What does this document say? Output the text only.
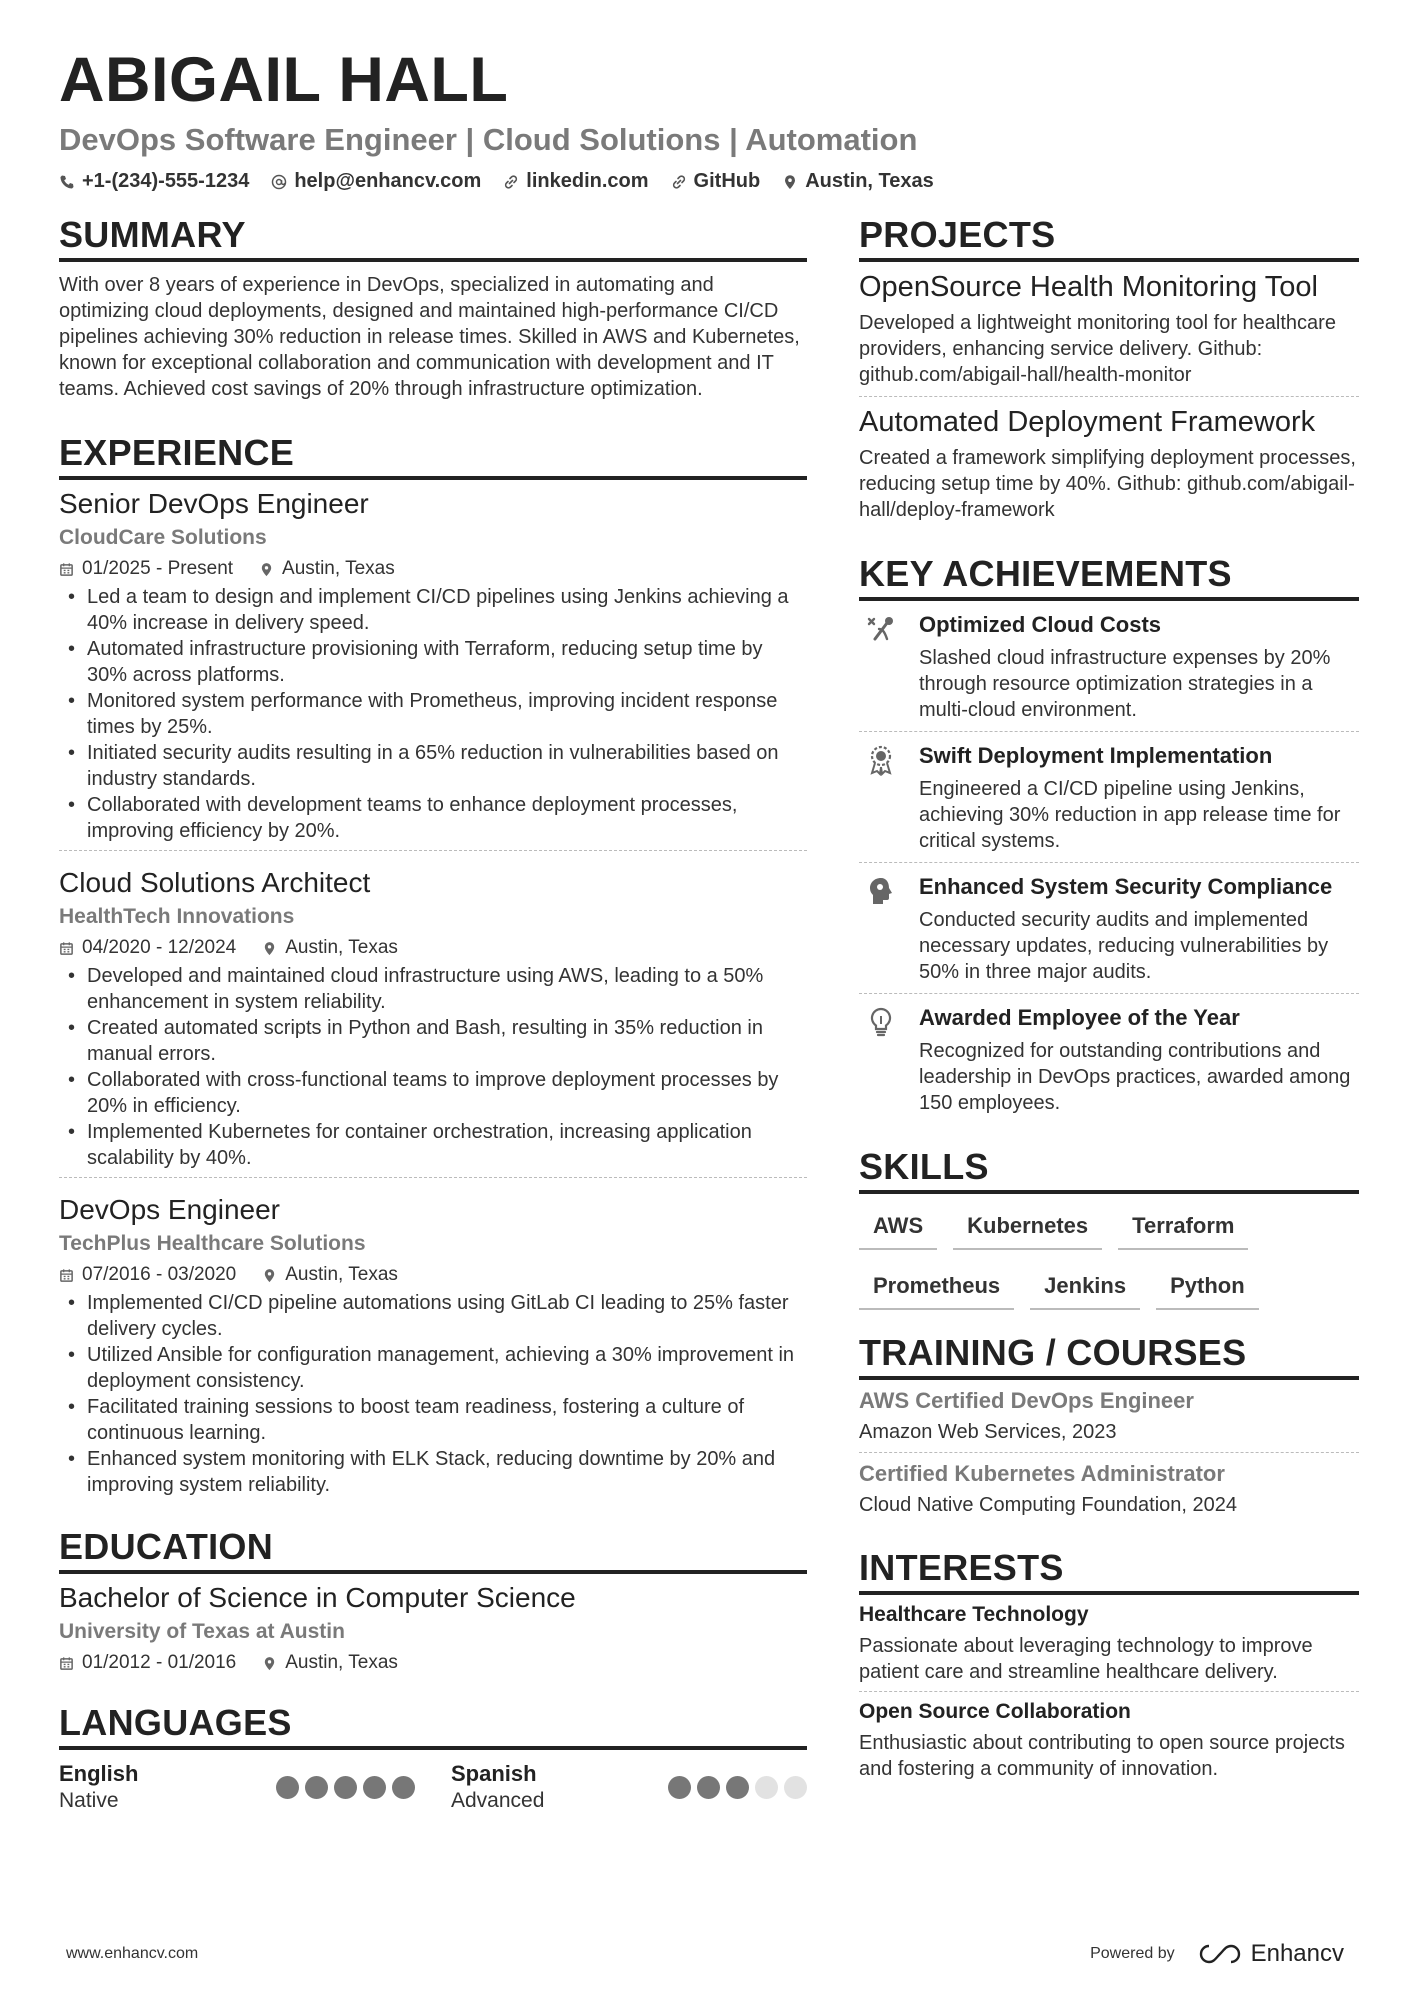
ABIGAIL HALL
DevOps Software Engineer | Cloud Solutions | Automation
+1-(234)-555-1234 help@enhancv.com linkedin.com GitHub Austin, Texas
SUMMARY
With over 8 years of experience in DevOps, specialized in automating and optimizing cloud deployments, designed and maintained high-performance CI/CD pipelines achieving 30% reduction in release times. Skilled in AWS and Kubernetes, known for exceptional collaboration and communication with development and IT teams. Achieved cost savings of 20% through infrastructure optimization.
EXPERIENCE
Senior DevOps Engineer
CloudCare Solutions
01/2025 - Present	Austin, Texas
• Led a team to design and implement CI/CD pipelines using Jenkins achieving a 40% increase in delivery speed.
• Automated infrastructure provisioning with Terraform, reducing setup time by 30% across platforms.
• Monitored system performance with Prometheus, improving incident response times by 25%.
• Initiated security audits resulting in a 65% reduction in vulnerabilities based on industry standards.
• Collaborated with development teams to enhance deployment processes, improving efficiency by 20%.
Cloud Solutions Architect
HealthTech Innovations
04/2020 - 12/2024	Austin, Texas
• Developed and maintained cloud infrastructure using AWS, leading to a 50% enhancement in system reliability.
• Created automated scripts in Python and Bash, resulting in 35% reduction in manual errors.
• Collaborated with cross-functional teams to improve deployment processes by 20% in efficiency.
• Implemented Kubernetes for container orchestration, increasing application scalability by 40%.
DevOps Engineer
TechPlus Healthcare Solutions
07/2016 - 03/2020	Austin, Texas
• Implemented CI/CD pipeline automations using GitLab CI leading to 25% faster delivery cycles.
• Utilized Ansible for configuration management, achieving a 30% improvement in deployment consistency.
• Facilitated training sessions to boost team readiness, fostering a culture of continuous learning.
• Enhanced system monitoring with ELK Stack, reducing downtime by 20% and improving system reliability.
EDUCATION
Bachelor of Science in Computer Science
University of Texas at Austin
01/2012 - 01/2016	Austin, Texas
LANGUAGES
English
Native
Spanish
Advanced
PROJECTS
OpenSource Health Monitoring Tool
Developed a lightweight monitoring tool for healthcare providers, enhancing service delivery. Github: github.com/abigail-hall/health-monitor
Automated Deployment Framework
Created a framework simplifying deployment processes, reducing setup time by 40%. Github: github.com/abigail-hall/deploy-framework
KEY ACHIEVEMENTS
Optimized Cloud Costs
Slashed cloud infrastructure expenses by 20% through resource optimization strategies in a multi-cloud environment.
Swift Deployment Implementation
Engineered a CI/CD pipeline using Jenkins, achieving 30% reduction in app release time for critical systems.
Enhanced System Security Compliance
Conducted security audits and implemented necessary updates, reducing vulnerabilities by 50% in three major audits.
Awarded Employee of the Year
Recognized for outstanding contributions and leadership in DevOps practices, awarded among 150 employees.
SKILLS
AWS	Kubernetes	Terraform
Prometheus	Jenkins	Python
TRAINING / COURSES
AWS Certified DevOps Engineer
Amazon Web Services, 2023
Certified Kubernetes Administrator
Cloud Native Computing Foundation, 2024
INTERESTS
Healthcare Technology
Passionate about leveraging technology to improve patient care and streamline healthcare delivery.
Open Source Collaboration
Enthusiastic about contributing to open source projects and fostering a community of innovation.
www.enhancv.com	Powered by	Enhancv
